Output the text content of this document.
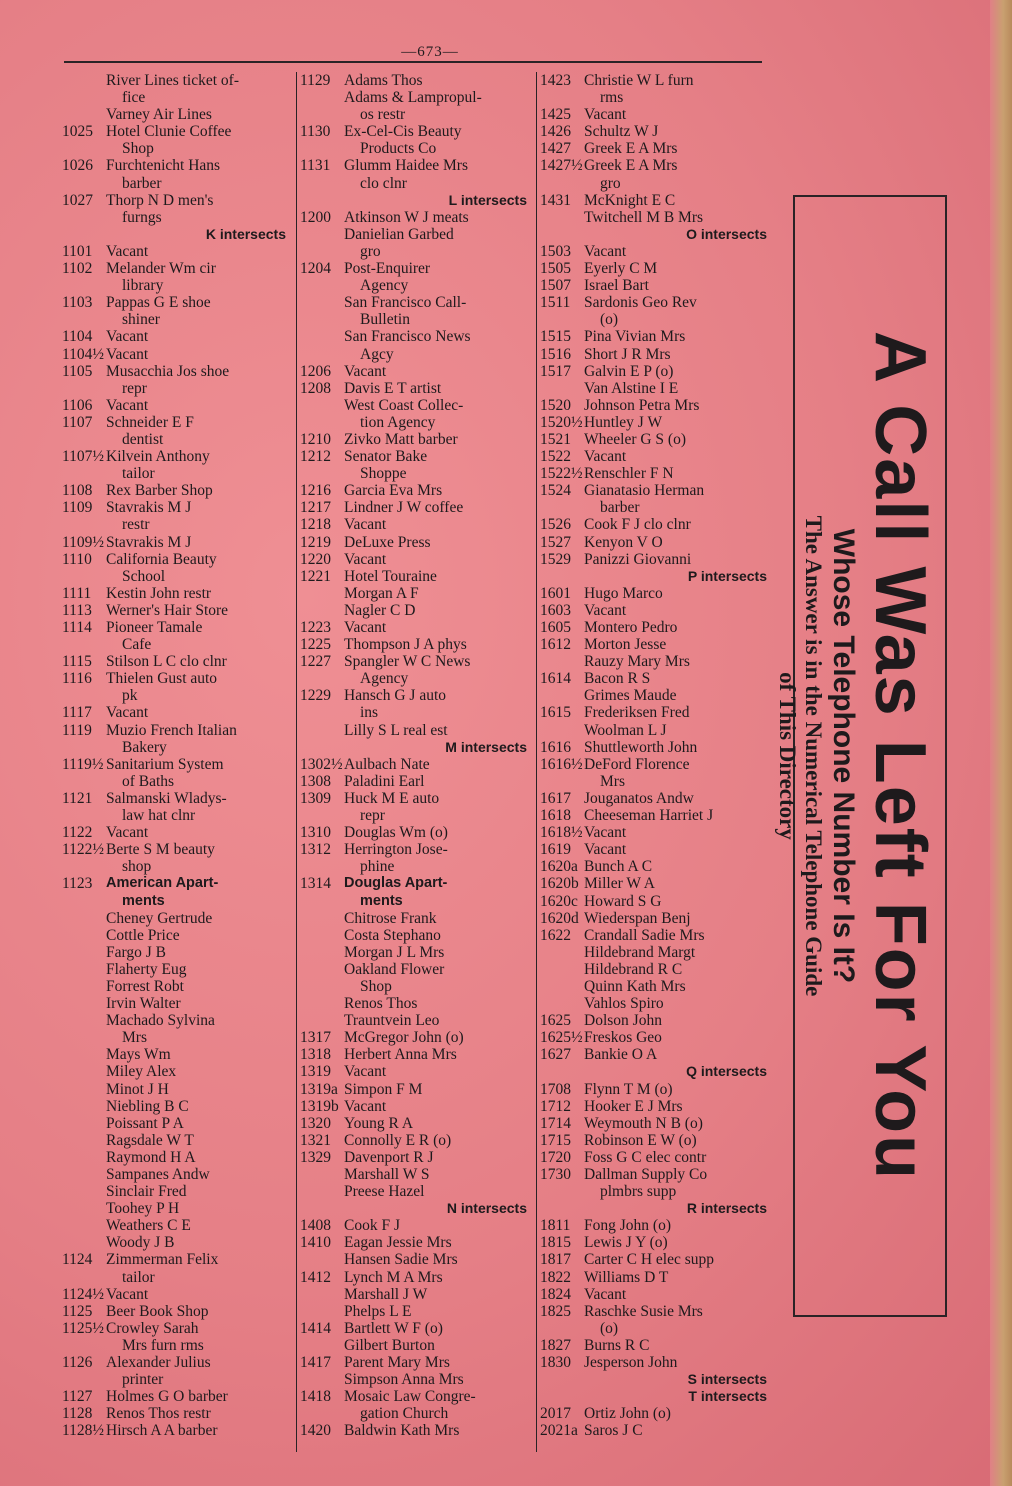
—673—
River Lines ticket of-
fice
Varney Air Lines
1025 Hotel Clunie Coffee
Shop
1026 Furchtenicht Hans
barber
1027 Thorp N D men's
furngs
K intersects
1101 Vacant
1102 Melander Wm cir
library
1103 Pappas G E shoe
shiner
1104 Vacant
1104½ Vacant
1105 Musacchia Jos shoe
repr
1106 Vacant
1107 Schneider E F
dentist
1107½ Kilvein Anthony
tailor
1108 Rex Barber Shop
1109 Stavrakis M J
restr
1109½ Stavrakis M J
1110 California Beauty
School
1111 Kestin John restr
1113 Werner's Hair Store
1114 Pioneer Tamale
Cafe
1115 Stilson L C clo clnr
1116 Thielen Gust auto
pk
1117 Vacant
1119 Muzio French Italian
Bakery
1119½ Sanitarium System
of Baths
1121 Salmanski Wladys-
law hat clnr
1122 Vacant
1122½ Berte S M beauty
shop
1123 American Apart-
ments
Cheney Gertrude
Cottle Price
Fargo J B
Flaherty Eug
Forrest Robt
Irvin Walter
Machado Sylvina
Mrs
Mays Wm
Miley Alex
Minot J H
Niebling B C
Poissant P A
Ragsdale W T
Raymond H A
Sampanes Andw
Sinclair Fred
Toohey P H
Weathers C E
Woody J B
1124 Zimmerman Felix
tailor
1124½ Vacant
1125 Beer Book Shop
1125½ Crowley Sarah
Mrs furn rms
1126 Alexander Julius
printer
1127 Holmes G O barber
1128 Renos Thos restr
1128½ Hirsch A A barber
1129 Adams Thos
Adams & Lampropul-
os restr
1130 Ex-Cel-Cis Beauty
Products Co
1131 Glumm Haidee Mrs
clo clnr
L intersects
1200 Atkinson W J meats
Danielian Garbed
gro
1204 Post-Enquirer
Agency
San Francisco Call-
Bulletin
San Francisco News
Agcy
1206 Vacant
1208 Davis E T artist
West Coast Collec-
tion Agency
1210 Zivko Matt barber
1212 Senator Bake
Shoppe
1216 Garcia Eva Mrs
1217 Lindner J W coffee
1218 Vacant
1219 DeLuxe Press
1220 Vacant
1221 Hotel Touraine
Morgan A F
Nagler C D
1223 Vacant
1225 Thompson J A phys
1227 Spangler W C News
Agency
1229 Hansch G J auto
ins
Lilly S L real est
M intersects
1302½ Aulbach Nate
1308 Paladini Earl
1309 Huck M E auto
repr
1310 Douglas Wm (o)
1312 Herrington Jose-
phine
1314 Douglas Apart-
ments
Chitrose Frank
Costa Stephano
Morgan J L Mrs
Oakland Flower
Shop
Renos Thos
Trauntvein Leo
1317 McGregor John (o)
1318 Herbert Anna Mrs
1319 Vacant
1319a Simpon F M
1319b Vacant
1320 Young R A
1321 Connolly E R (o)
1329 Davenport R J
Marshall W S
Preese Hazel
N intersects
1408 Cook F J
1410 Eagan Jessie Mrs
Hansen Sadie Mrs
1412 Lynch M A Mrs
Marshall J W
Phelps L E
1414 Bartlett W F (o)
Gilbert Burton
1417 Parent Mary Mrs
Simpson Anna Mrs
1418 Mosaic Law Congre-
gation Church
1420 Baldwin Kath Mrs
1423 Christie W L furn
rms
1425 Vacant
1426 Schultz W J
1427 Greek E A Mrs
1427½ Greek E A Mrs
gro
1431 McKnight E C
Twitchell M B Mrs
O intersects
1503 Vacant
1505 Eyerly C M
1507 Israel Bart
1511 Sardonis Geo Rev
(o)
1515 Pina Vivian Mrs
1516 Short J R Mrs
1517 Galvin E P (o)
Van Alstine I E
1520 Johnson Petra Mrs
1520½ Huntley J W
1521 Wheeler G S (o)
1522 Vacant
1522½ Renschler F N
1524 Gianatasio Herman
barber
1526 Cook F J clo clnr
1527 Kenyon V O
1529 Panizzi Giovanni
P intersects
1601 Hugo Marco
1603 Vacant
1605 Montero Pedro
1612 Morton Jesse
Rauzy Mary Mrs
1614 Bacon R S
Grimes Maude
1615 Frederiksen Fred
Woolman L J
1616 Shuttleworth John
1616½ DeFord Florence
Mrs
1617 Jouganatos Andw
1618 Cheeseman Harriet J
1618½ Vacant
1619 Vacant
1620a Bunch A C
1620b Miller W A
1620c Howard S G
1620d Wiederspan Benj
1622 Crandall Sadie Mrs
Hildebrand Margt
Hildebrand R C
Quinn Kath Mrs
Vahlos Spiro
1625 Dolson John
1625½ Freskos Geo
1627 Bankie O A
Q intersects
1708 Flynn T M (o)
1712 Hooker E J Mrs
1714 Weymouth N B (o)
1715 Robinson E W (o)
1720 Foss G C elec contr
1730 Dallman Supply Co
plmbrs supp
R intersects
1811 Fong John (o)
1815 Lewis J Y (o)
1817 Carter C H elec supp
1822 Williams D T
1824 Vacant
1825 Raschke Susie Mrs
(o)
1827 Burns R C
1830 Jesperson John
S intersects
T intersects
2017 Ortiz John (o)
2021a Saros J C
A Call Was Left For You
Whose Telephone Number Is It?
The Answer is in the Numerical Telephone Guide
of This Directory
